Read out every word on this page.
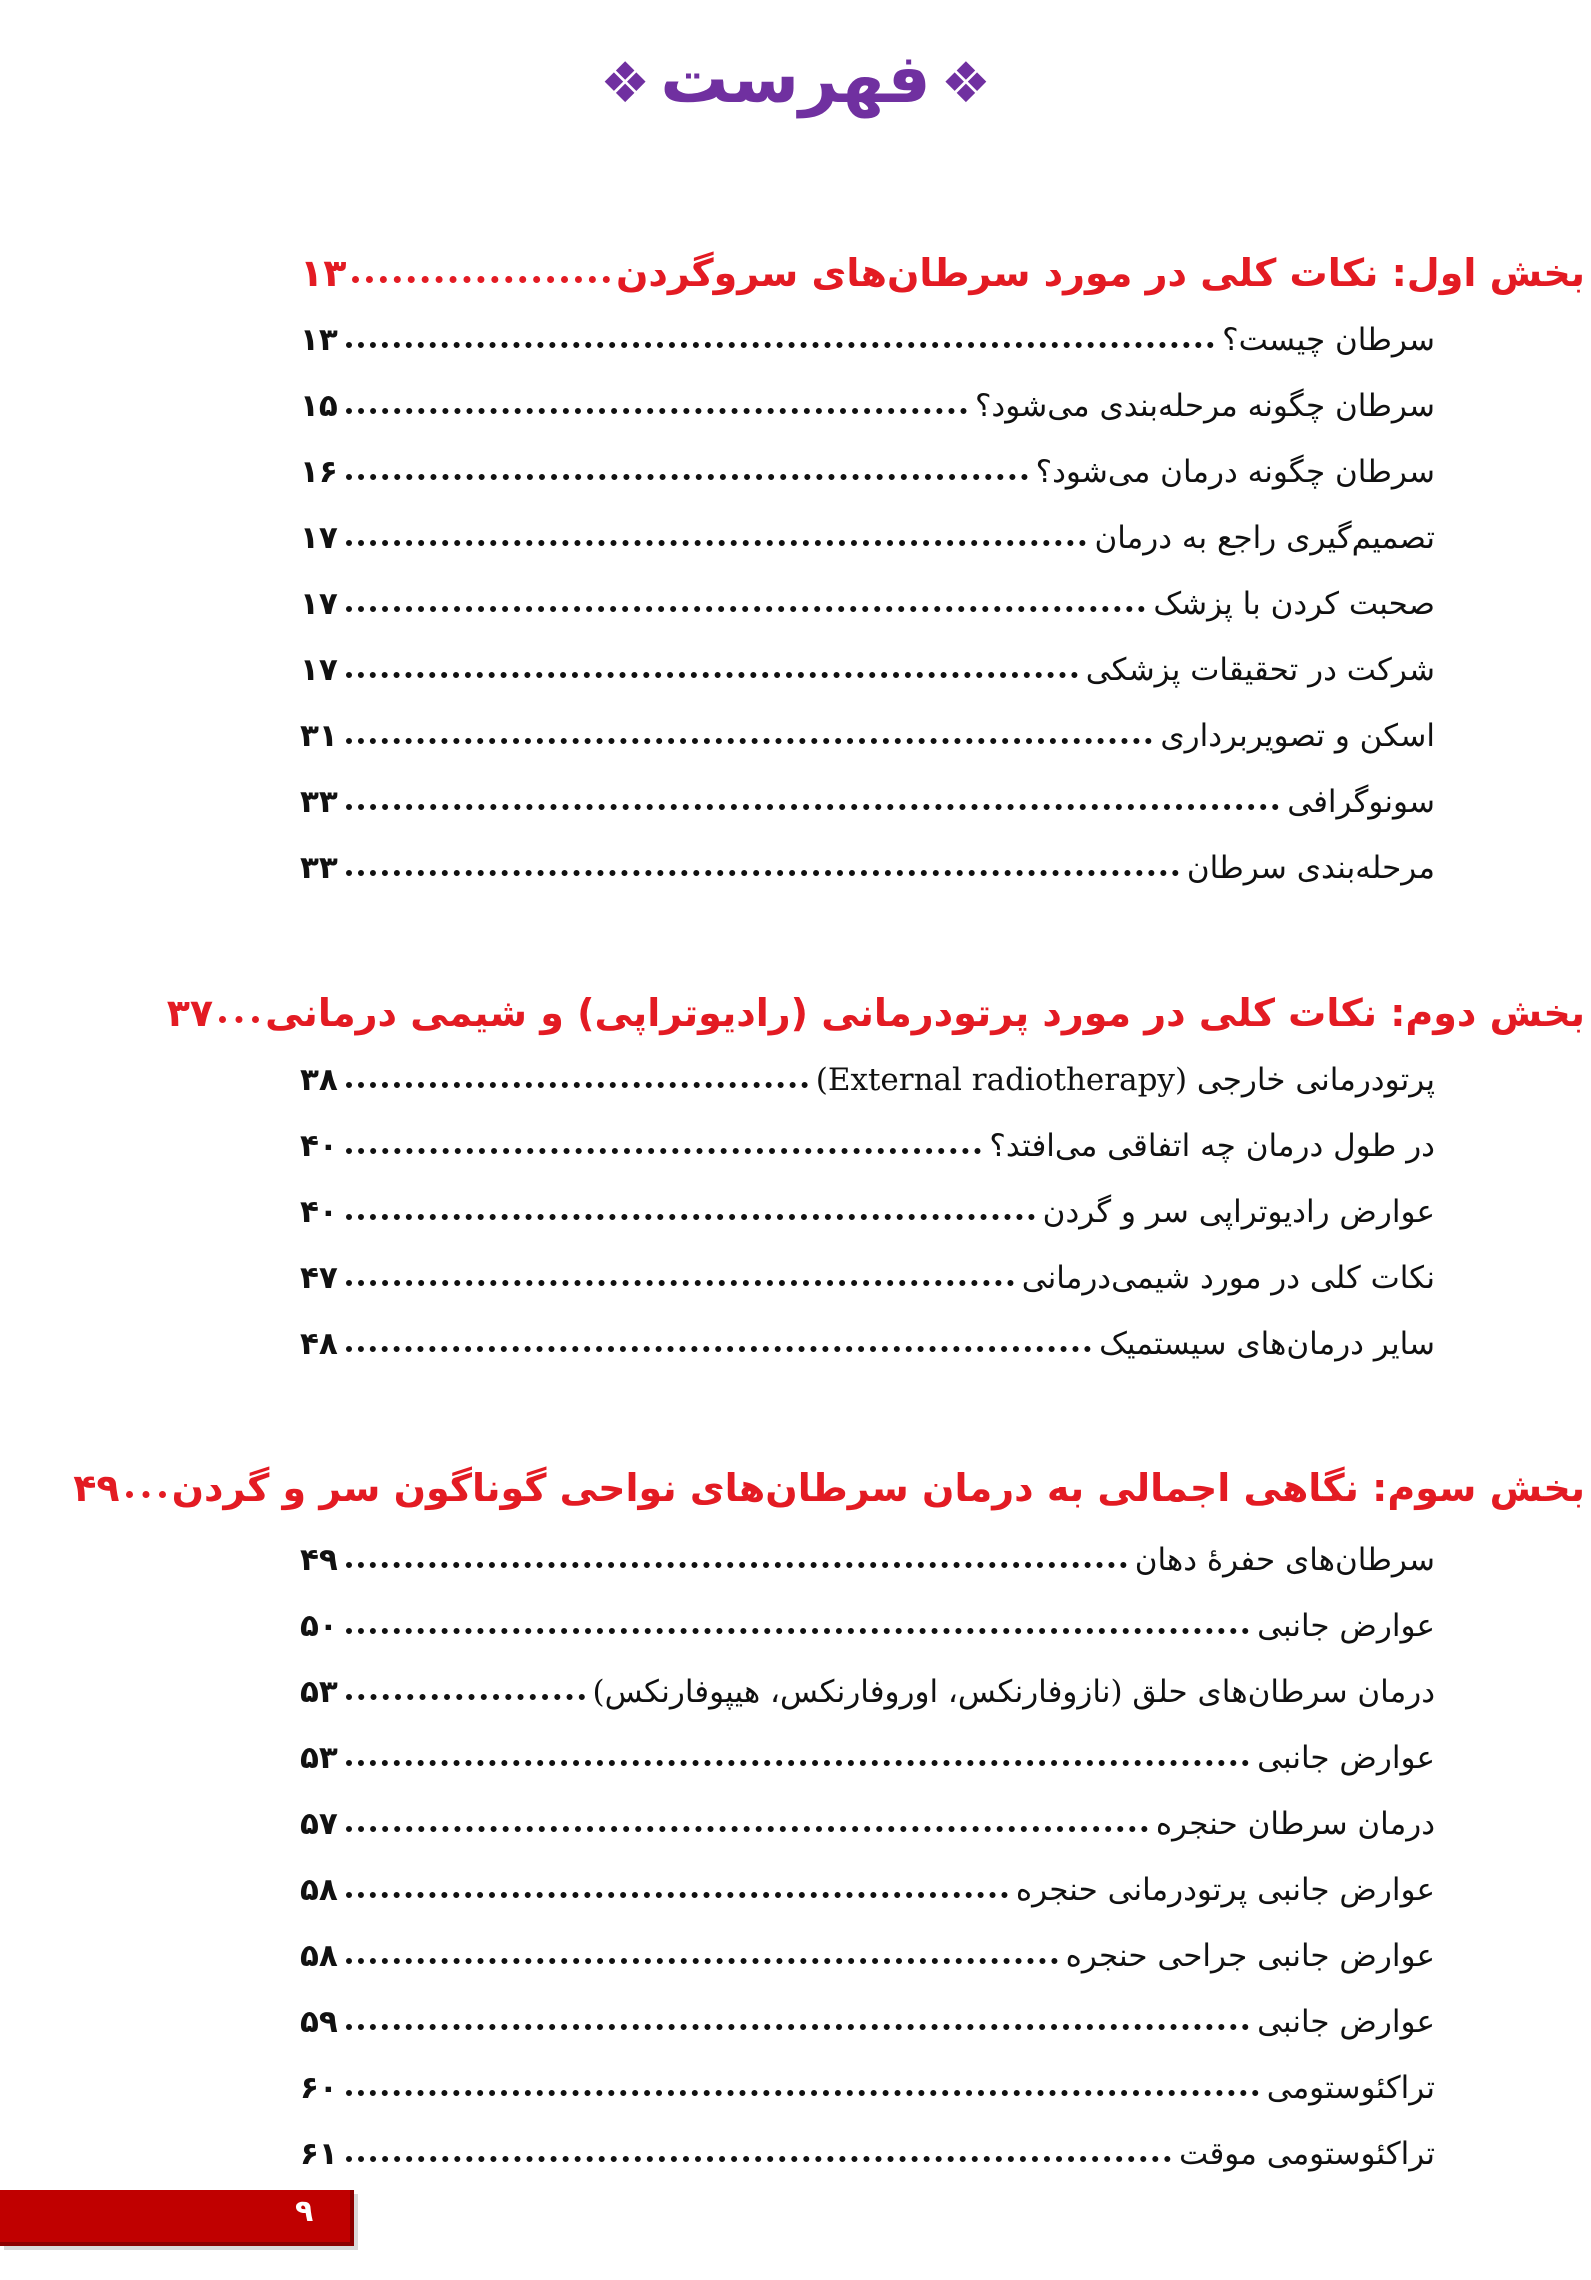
❖فهرست❖
بخش اول: نکات کلی در مورد سرطان‌های سروگردن
۱۳
سرطان چیست؟
۱۳
سرطان چگونه مرحله‌بندی می‌شود؟
۱۵
سرطان چگونه درمان می‌شود؟
۱۶
تصمیم‌گیری راجع به درمان
۱۷
صحبت کردن با پزشک
۱۷
شرکت در تحقیقات پزشکی
۱۷
اسکن و تصویربرداری
۳۱
سونوگرافی
۳۳
مرحله‌بندی سرطان
۳۳
بخش دوم: نکات کلی در مورد پرتودرمانی (رادیوتراپی) و شیمی درمانی
۳۷
پرتودرمانی خارجی (External radiotherapy)
۳۸
در طول درمان چه اتفاقی می‌افتد؟
۴۰
عوارض رادیوتراپی سر و گردن
۴۰
نکات کلی در مورد شیمی‌درمانی
۴۷
سایر درمان‌های سیستمیک
۴۸
بخش سوم: نگاهی اجمالی به درمان سرطان‌های نواحی گوناگون سر و گردن
۴۹
سرطان‌های حفرۀ دهان
۴۹
عوارض جانبی
۵۰
درمان سرطان‌های حلق (نازوفارنکس، اوروفارنکس، هیپوفارنکس)
۵۳
عوارض جانبی
۵۳
درمان سرطان حنجره
۵۷
عوارض جانبی پرتودرمانی حنجره
۵۸
عوارض جانبی جراحی حنجره
۵۸
عوارض جانبی
۵۹
تراکئوستومی
۶۰
تراکئوستومی موقت
۶۱
۹
